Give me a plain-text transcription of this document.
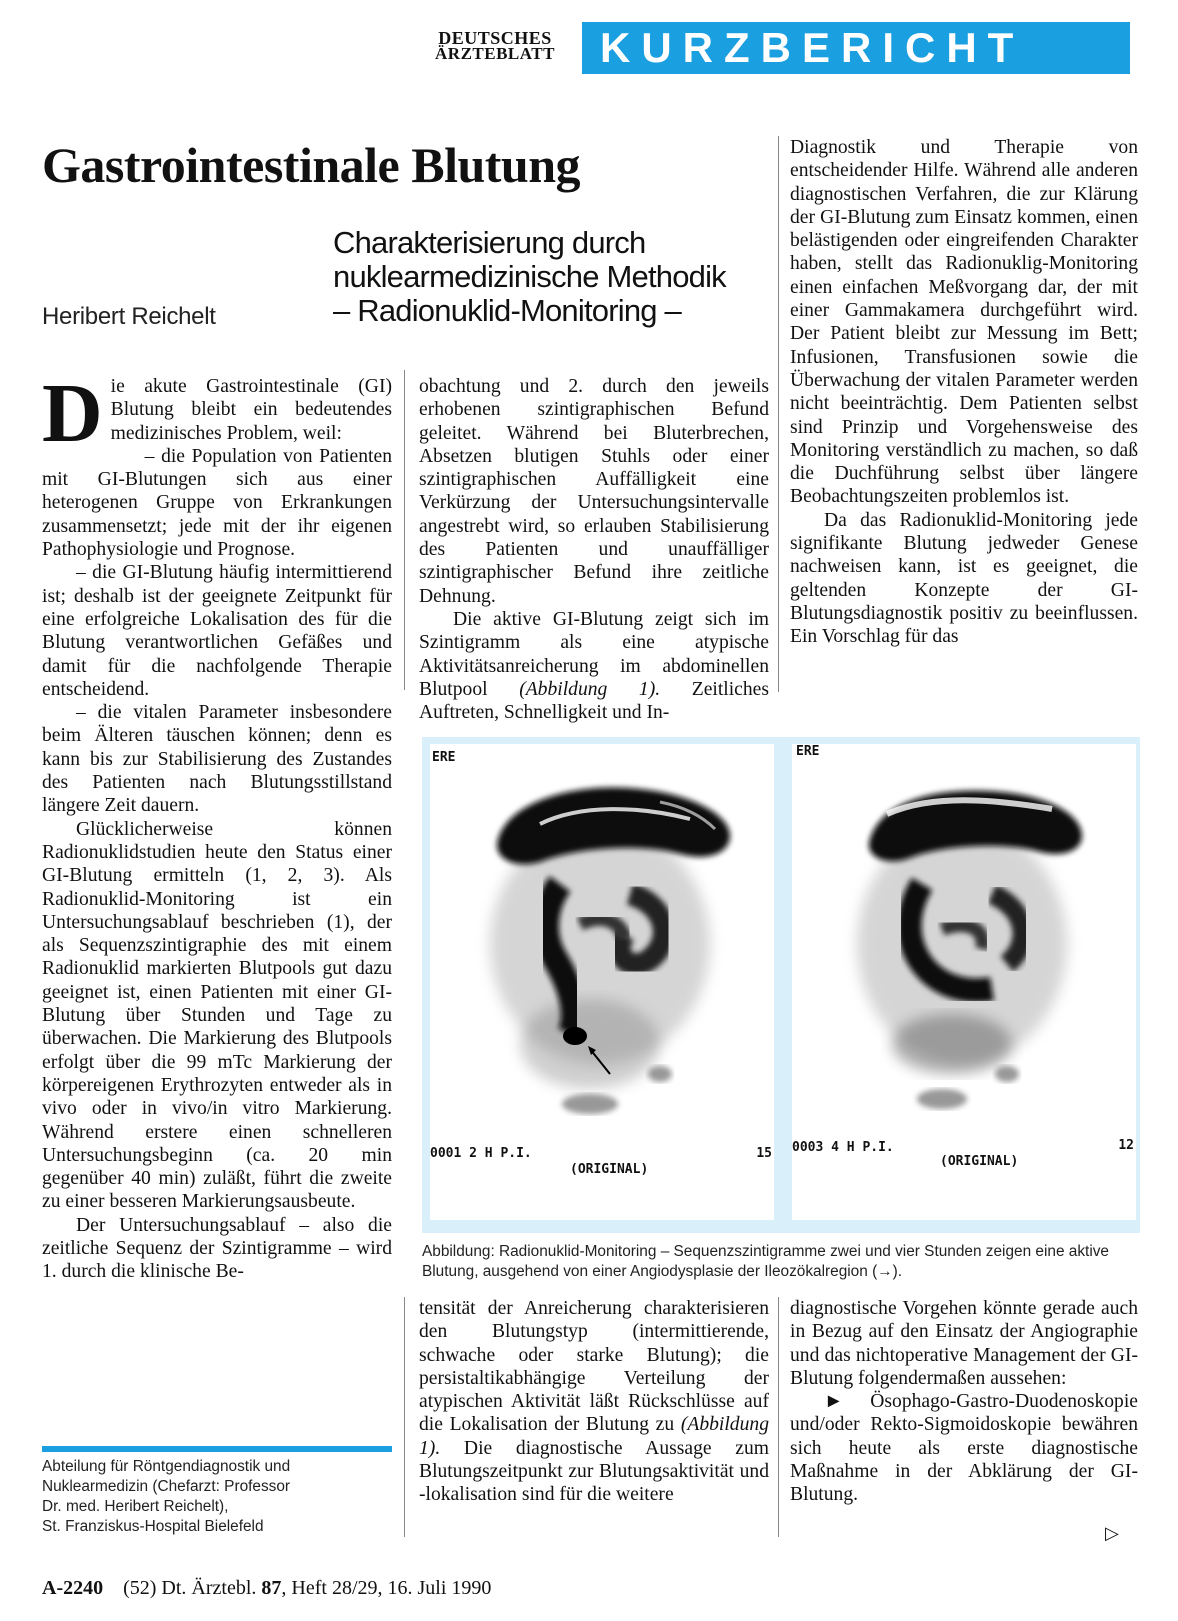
DEUTSCHES
ÄRZTEBLATT	KURZBERICHT
Gastrointestinale Blutung
Charakterisierung durch
nuklearmedizinische Methodik
– Radionuklid-Monitoring –
Heribert Reichelt

Die akute Gastrointestinale (GI) Blutung bleibt ein bedeutendes medizinisches Problem, weil:

– die Population von Patienten mit GI-Blutungen sich aus einer heterogenen Gruppe von Erkrankungen zusammensetzt; jede mit der ihr eigenen Pathophysiologie und Prognose.

– die GI-Blutung häufig intermittierend ist; deshalb ist der geeignete Zeitpunkt für eine erfolgreiche Lokalisation des für die Blutung verantwortlichen Gefäßes und damit für die nachfolgende Therapie entscheidend.

– die vitalen Parameter insbesondere beim Älteren täuschen können; denn es kann bis zur Stabilisierung des Zustandes des Patienten nach Blutungsstillstand längere Zeit dauern.

Glücklicherweise können Radionuklidstudien heute den Status einer GI-Blutung ermitteln (1, 2, 3). Als Radionuklid-Monitoring ist ein Untersuchungsablauf beschrieben (1), der als Sequenzszintigraphie des mit einem Radionuklid markierten Blutpools gut dazu geeignet ist, einen Patienten mit einer GI-Blutung über Stunden und Tage zu überwachen. Die Markierung des Blutpools erfolgt über die 99 mTc Markierung der körpereigenen Erythrozyten entweder als in vivo oder in vivo/in vitro Markierung. Während erstere einen schnelleren Untersuchungsbeginn (ca. 20 min gegenüber 40 min) zuläßt, führt die zweite zu einer besseren Markierungsausbeute.

Der Untersuchungsablauf – also die zeitliche Sequenz der Szintigramme – wird 1. durch die klinische Be-

obachtung und 2. durch den jeweils erhobenen szintigraphischen Befund geleitet. Während bei Bluterbrechen, Absetzen blutigen Stuhls oder einer szintigraphischen Auffälligkeit eine Verkürzung der Untersuchungsintervalle angestrebt wird, so erlauben Stabilisierung des Patienten und unauffälliger szintigraphischer Befund ihre zeitliche Dehnung.

Die aktive GI-Blutung zeigt sich im Szintigramm als eine atypische Aktivitätsanreicherung im abdominellen Blutpool (Abbildung 1). Zeitliches Auftreten, Schnelligkeit und In-

Diagnostik und Therapie von entscheidender Hilfe. Während alle anderen diagnostischen Verfahren, die zur Klärung der GI-Blutung zum Einsatz kommen, einen belästigenden oder eingreifenden Charakter haben, stellt das Radionuklig-Monitoring einen einfachen Meßvorgang dar, der mit einer Gammakamera durchgeführt wird. Der Patient bleibt zur Messung im Bett; Infusionen, Transfusionen sowie die Überwachung der vitalen Parameter werden nicht beeinträchtig. Dem Patienten selbst sind Prinzip und Vorgehensweise des Monitoring verständlich zu machen, so daß die Duchführung selbst über längere Beobachtungszeiten problemlos ist.

Da das Radionuklid-Monitoring jede signifikante Blutung jedweder Genese nachweisen kann, ist es geeignet, die geltenden Konzepte der GI-Blutungsdiagnostik positiv zu beeinflussen. Ein Vorschlag für das

ERE
0001 2 H P.I.	15
(ORIGINAL)
ERE
0003 4 H P.I.	12
(ORIGINAL)
Abbildung: Radionuklid-Monitoring – Sequenzszintigramme zwei und vier Stunden zeigen eine aktive Blutung, ausgehend von einer Angiodysplasie der Ileozökalregion (→).

tensität der Anreicherung charakterisieren den Blutungstyp (intermittierende, schwache oder starke Blutung); die persistaltikabhängige Verteilung der atypischen Aktivität läßt Rückschlüsse auf die Lokalisation der Blutung zu (Abbildung 1). Die diagnostische Aussage zum Blutungszeitpunkt zur Blutungsaktivität und -lokalisation sind für die weitere

diagnostische Vorgehen könnte gerade auch in Bezug auf den Einsatz der Angiographie und das nichtoperative Management der GI-Blutung folgendermaßen aussehen:

► Ösophago-Gastro-Duodenoskopie und/oder Rekto-Sigmoidoskopie bewähren sich heute als erste diagnostische Maßnahme in der Abklärung der GI-Blutung.

▷
Abteilung für Röntgendiagnostik und
Nuklearmedizin (Chefarzt: Professor
Dr. med. Heribert Reichelt),
St. Franziskus-Hospital Bielefeld
A-2240 (52) Dt. Ärztebl. 87, Heft 28/29, 16. Juli 1990
